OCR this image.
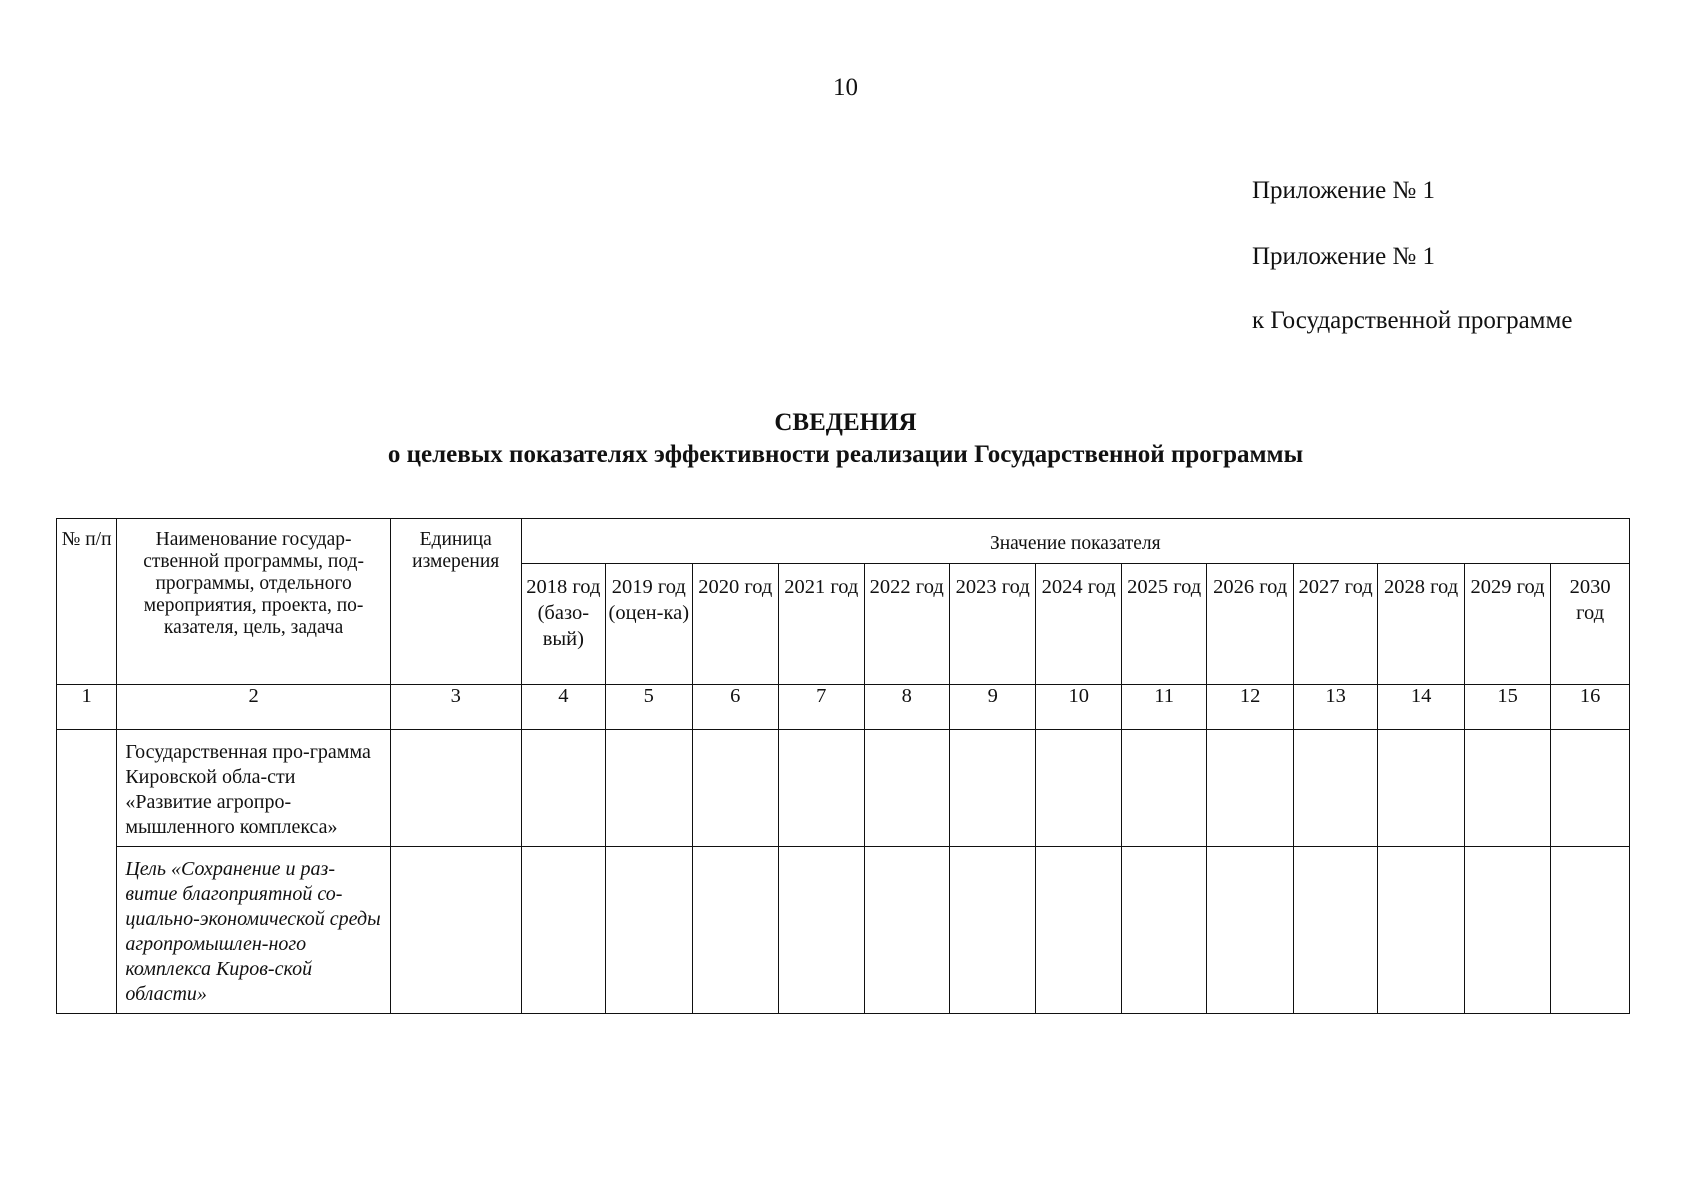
10
Приложение № 1
Приложение № 1
к Государственной программе
СВЕДЕНИЯ
о целевых показателях эффективности реализации Государственной программы
№ п/п	Наименование государ-ственной программы, под-программы, отдельного мероприятия, проекта, по-казателя, цель, задача	Единица измерения	Значение показателя												
			2018 год (базо-вый)	2019 год (оцен-ка)	2020 год	2021 год	2022 год	2023 год	2024 год	2025 год	2026 год	2027 год	2028 год	2029 год	2030 год
1	2	3	4	5	6	7	8	9	10	11	12	13	14	15	16
	Государственная про-грамма Кировской обла-сти «Развитие агропро-мышленного комплекса»														
	Цель «Сохранение и раз-витие благоприятной со-циально-экономической среды агропромышлен-ного комплекса Киров-ской области»														
